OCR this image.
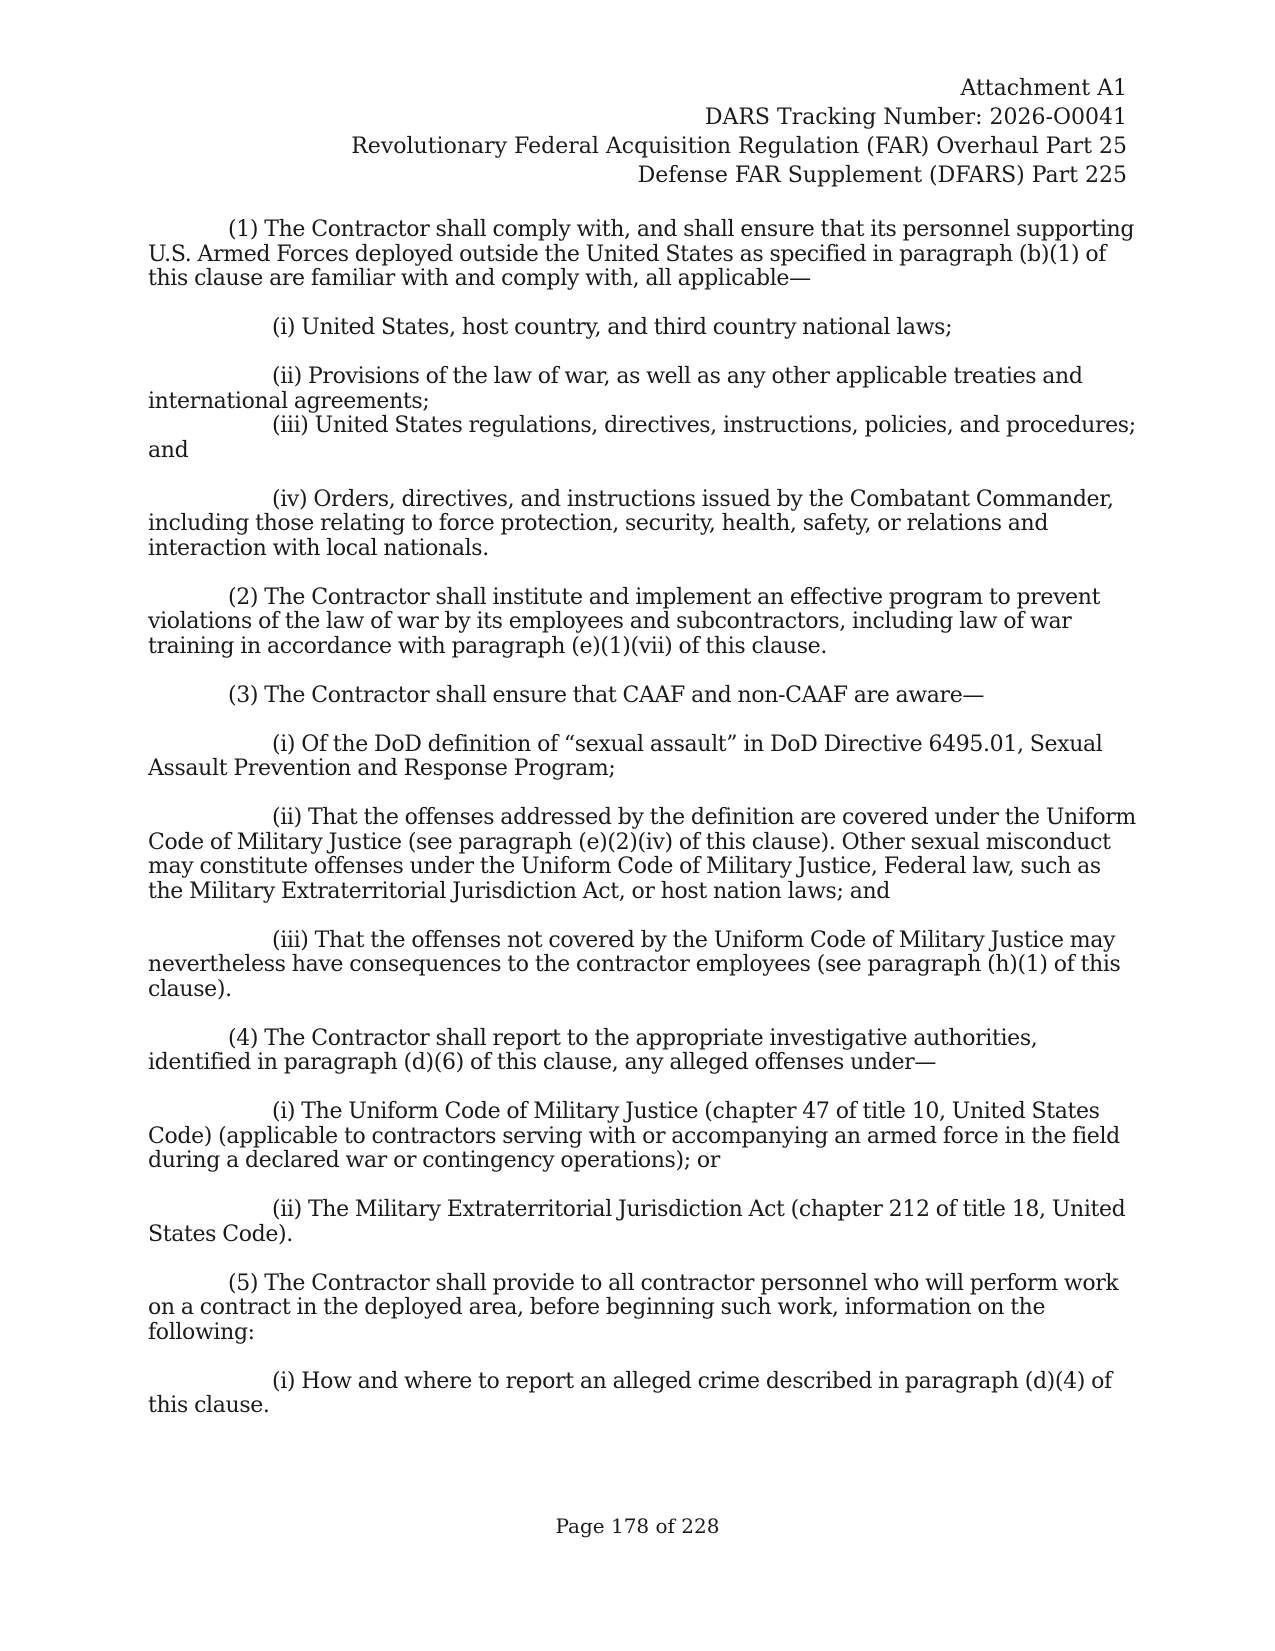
Attachment A1
DARS Tracking Number: 2026-O0041
Revolutionary Federal Acquisition Regulation (FAR) Overhaul Part 25
Defense FAR Supplement (DFARS) Part 225

(1) The Contractor shall comply with, and shall ensure that its personnel supporting U.S. Armed Forces deployed outside the United States as specified in paragraph (b)(1) of this clause are familiar with and comply with, all applicable—

(i) United States, host country, and third country national laws;

(ii) Provisions of the law of war, as well as any other applicable treaties and international agreements;

(iii) United States regulations, directives, instructions, policies, and procedures; and

(iv) Orders, directives, and instructions issued by the Combatant Commander, including those relating to force protection, security, health, safety, or relations and interaction with local nationals.

(2) The Contractor shall institute and implement an effective program to prevent violations of the law of war by its employees and subcontractors, including law of war training in accordance with paragraph (e)(1)(vii) of this clause.

(3) The Contractor shall ensure that CAAF and non-CAAF are aware—

(i) Of the DoD definition of “sexual assault” in DoD Directive 6495.01, Sexual Assault Prevention and Response Program;

(ii) That the offenses addressed by the definition are covered under the Uniform Code of Military Justice (see paragraph (e)(2)(iv) of this clause). Other sexual misconduct may constitute offenses under the Uniform Code of Military Justice, Federal law, such as the Military Extraterritorial Jurisdiction Act, or host nation laws; and

(iii) That the offenses not covered by the Uniform Code of Military Justice may nevertheless have consequences to the contractor employees (see paragraph (h)(1) of this clause).

(4) The Contractor shall report to the appropriate investigative authorities, identified in paragraph (d)(6) of this clause, any alleged offenses under—

(i) The Uniform Code of Military Justice (chapter 47 of title 10, United States Code) (applicable to contractors serving with or accompanying an armed force in the field during a declared war or contingency operations); or

(ii) The Military Extraterritorial Jurisdiction Act (chapter 212 of title 18, United States Code).

(5) The Contractor shall provide to all contractor personnel who will perform work on a contract in the deployed area, before beginning such work, information on the following:

(i) How and where to report an alleged crime described in paragraph (d)(4) of this clause.

Page 178 of 228
